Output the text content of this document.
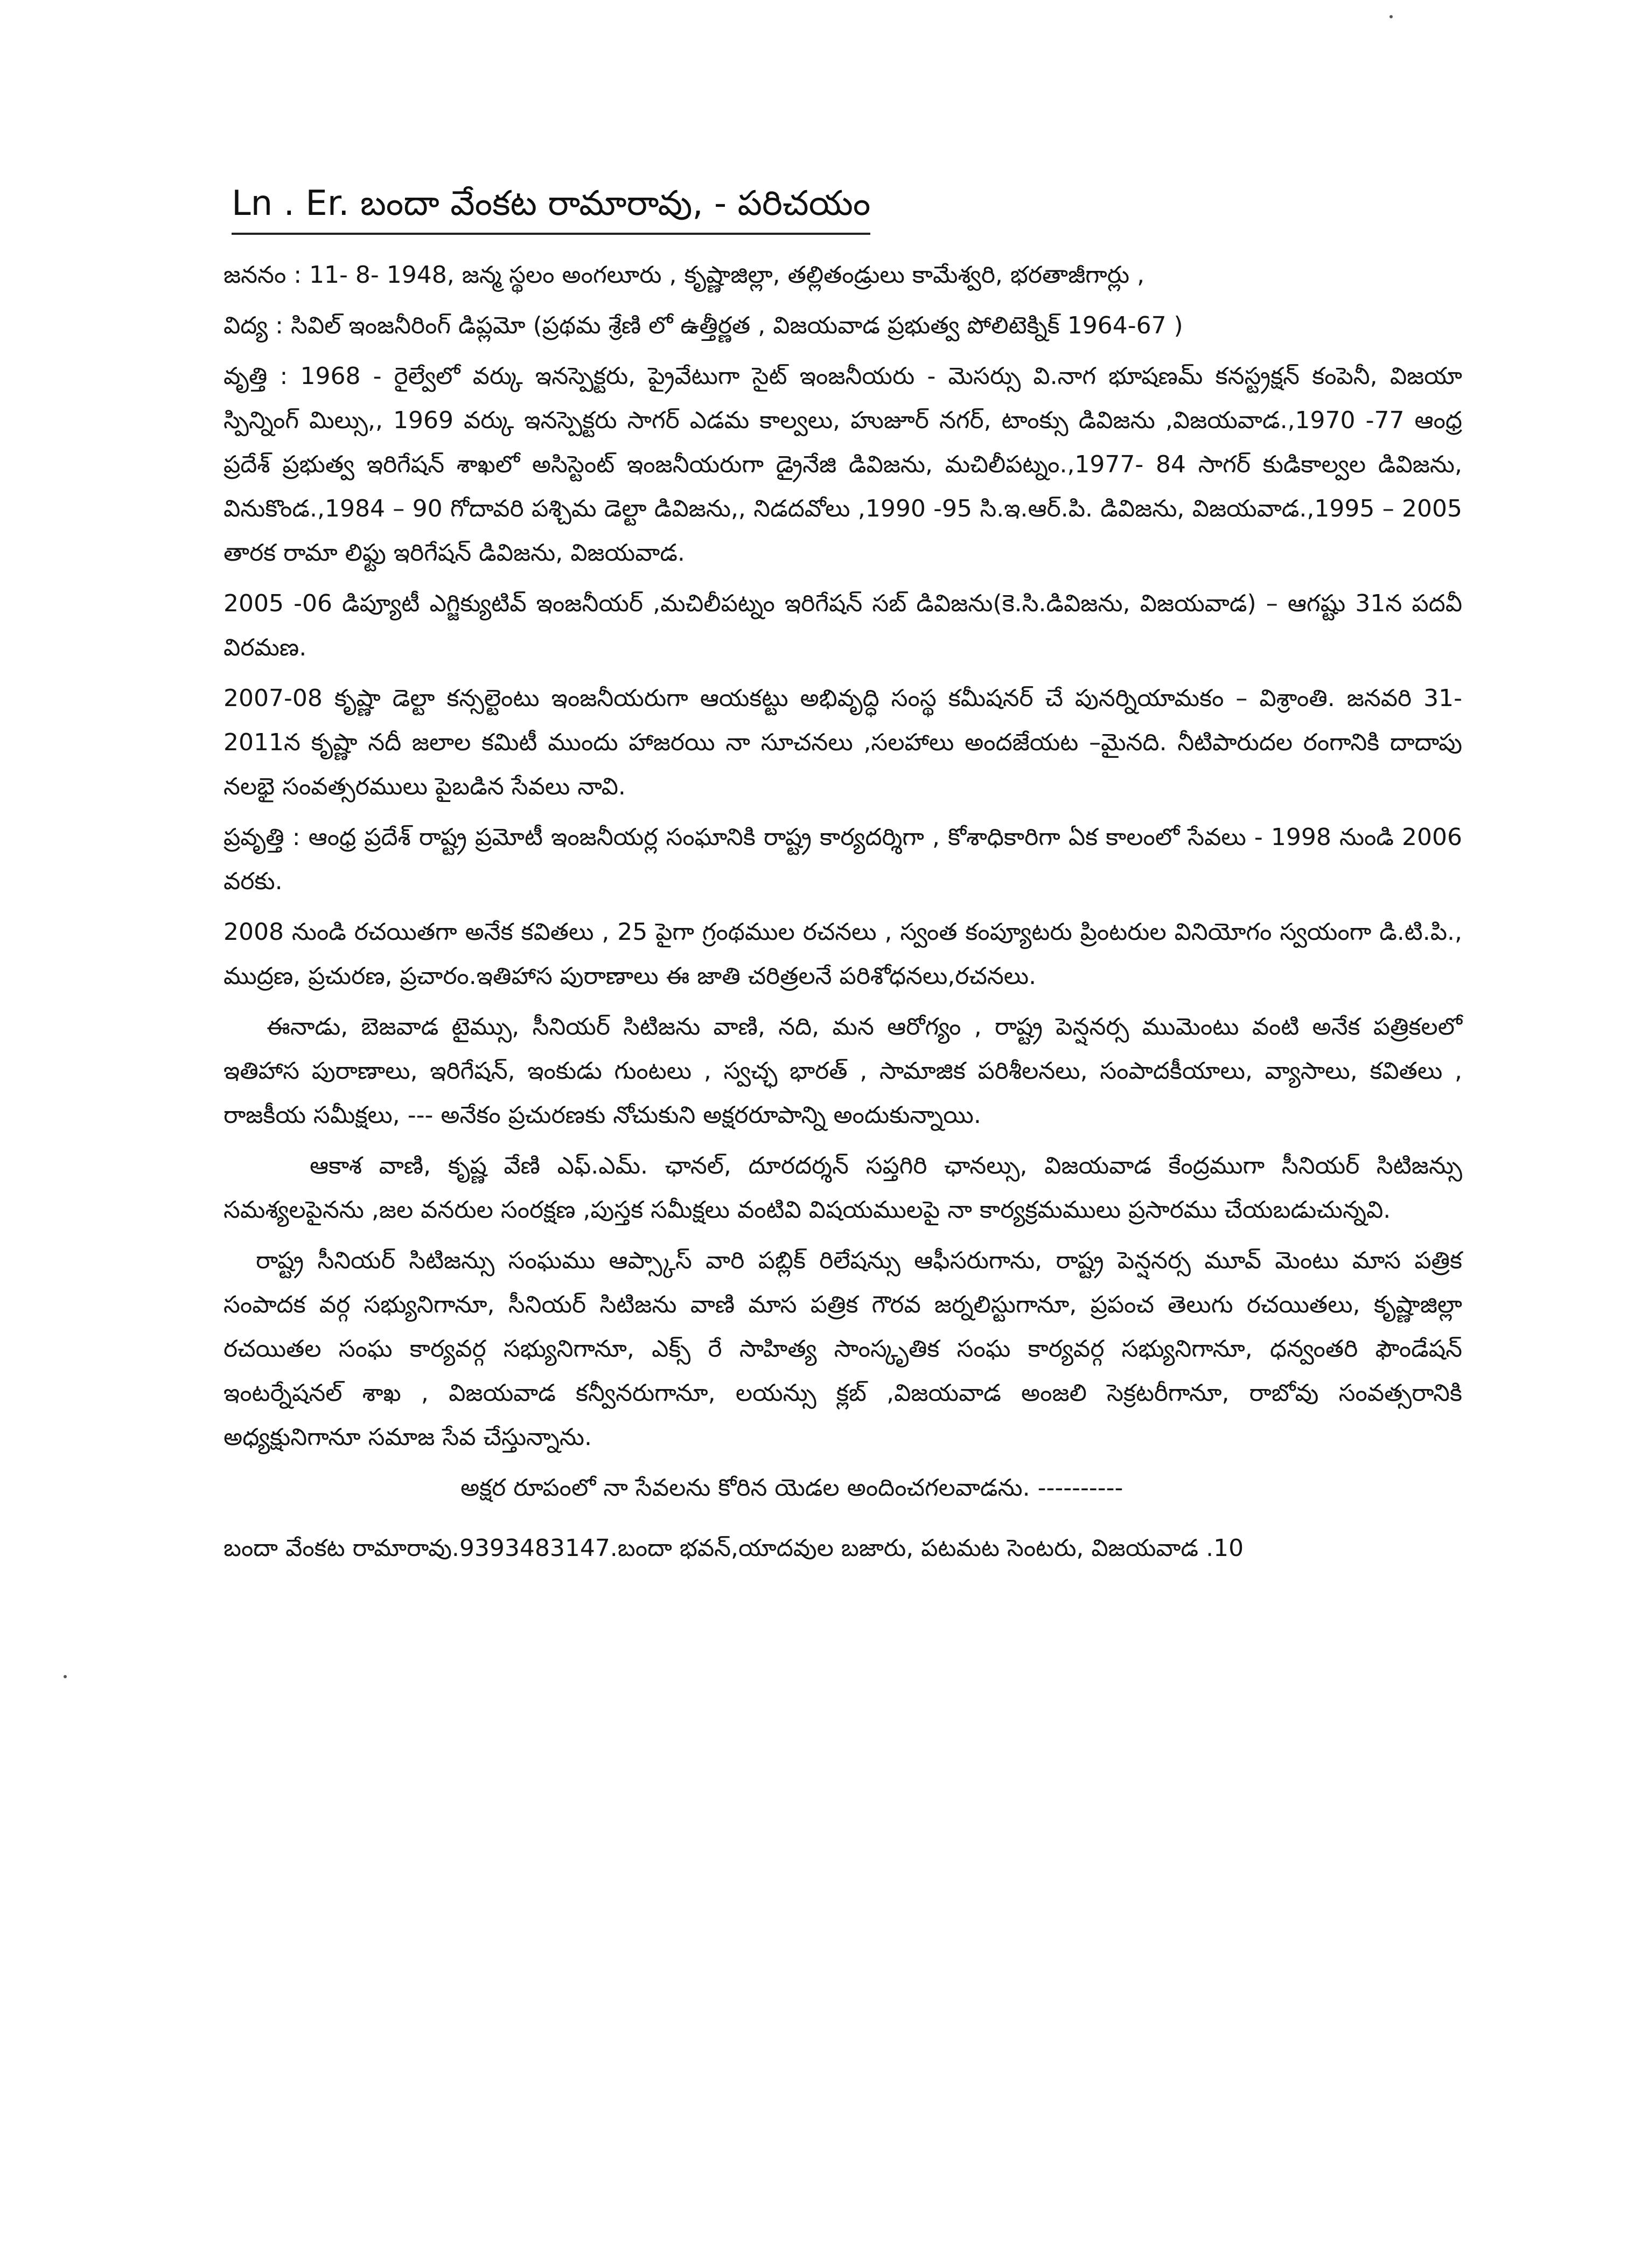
Ln . Er. బందా వేంకట రామారావు, - పరిచయం

జననం : 11- 8- 1948, జన్మ స్థలం అంగలూరు , కృష్ణాజిల్లా, తల్లితండ్రులు కామేశ్వరి, భరతాజీగార్లు ,

విద్య : సివిల్ ఇంజనీరింగ్ డిప్లమో (ప్రథమ శ్రేణి లో ఉత్తీర్ణత , విజయవాడ ప్రభుత్వ పోలిటెక్నిక్ 1964-67 )

వృత్తి : 1968 - రైల్వేలో వర్కు ఇనస్పెక్టరు, ప్రైవేటుగా సైట్ ఇంజనీయరు - మెసర్సు వి.నాగ భూషణమ్ కనస్ట్రక్షన్ కంపెనీ, విజయా స్పిన్నింగ్ మిల్సు,, 1969 వర్కు ఇనస్పెక్టరు సాగర్ ఎడమ కాల్వలు, హుజూర్ నగర్, టాంక్సు డివిజను ,విజయవాడ.,1970 -77 ఆంధ్ర ప్రదేశ్ ప్రభుత్వ ఇరిగేషన్ శాఖలో అసిస్టెంట్ ఇంజనీయరుగా డ్రైనేజి డివిజను, మచిలీపట్నం.,1977- 84 సాగర్ కుడికాల్వల డివిజను, వినుకొండ.,1984 – 90 గోదావరి పశ్చిమ డెల్టా డివిజను,, నిడదవోలు ,1990 -95 సి.ఇ.ఆర్.పి. డివిజను, విజయవాడ.,1995 – 2005 తారక రామా లిఫ్టు ఇరిగేషన్ డివిజను, విజయవాడ.

2005 -06 డిప్యూటీ ఎగ్జిక్యుటివ్ ఇంజనీయర్ ,మచిలీపట్నం ఇరిగేషన్ సబ్ డివిజను(కె.సి.డివిజను, విజయవాడ) – ఆగష్టు 31న పదవీ విరమణ.

2007-08 కృష్ణా డెల్టా కన్సల్టెంటు ఇంజనీయరుగా ఆయకట్టు అభివృద్ధి సంస్థ కమీషనర్ చే పునర్నియామకం – విశ్రాంతి. జనవరి 31- 2011న కృష్ణా నదీ జలాల కమిటీ ముందు హాజరయి నా సూచనలు ,సలహాలు అందజేయట –మైనది. నీటిపారుదల రంగానికి దాదాపు నలభై సంవత్సరములు పైబడిన సేవలు నావి.

ప్రవృత్తి : ఆంధ్ర ప్రదేశ్ రాష్ట్ర ప్రమోటీ ఇంజనీయర్ల సంఘానికి రాష్ట్ర కార్యదర్శిగా , కోశాధికారిగా ఏక కాలంలో సేవలు - 1998 నుండి 2006 వరకు.

2008 నుండి రచయితగా అనేక కవితలు , 25 పైగా గ్రంథముల రచనలు , స్వంత కంప్యూటరు ప్రింటరుల వినియోగం స్వయంగా డి.టి.పి., ముద్రణ, ప్రచురణ, ప్రచారం.ఇతిహాస పురాణాలు ఈ జాతి చరిత్రలనే పరిశోధనలు,రచనలు.

ఈనాడు, బెజవాడ టైమ్సు, సీనియర్ సిటిజను వాణి, నది, మన ఆరోగ్యం , రాష్ట్ర పెన్షనర్స ముమెంటు వంటి అనేక పత్రికలలో ఇతిహాస పురాణాలు, ఇరిగేషన్, ఇంకుడు గుంటలు , స్వచ్ఛ భారత్ , సామాజిక పరిశీలనలు, సంపాదకీయాలు, వ్యాసాలు, కవితలు , రాజకీయ సమీక్షలు, --- అనేకం ప్రచురణకు నోచుకుని అక్షరరూపాన్ని అందుకున్నాయి.

ఆకాశ వాణి, కృష్ణ వేణి ఎఫ్.ఎమ్. ఛానల్, దూరదర్శన్ సప్తగిరి ఛానల్సు, విజయవాడ కేంద్రముగా సీనియర్ సిటిజన్సు సమశ్యలపైనను ,జల వనరుల సంరక్షణ ,పుస్తక సమీక్షలు వంటివి విషయములపై నా కార్యక్రమములు ప్రసారము చేయబడుచున్నవి.

రాష్ట్ర సీనియర్ సిటిజన్సు సంఘము ఆప్స్కాస్ వారి పబ్లిక్ రిలేషన్సు ఆఫీసరుగాను, రాష్ట్ర పెన్షనర్స మూవ్ మెంటు మాస పత్రిక సంపాదక వర్గ సభ్యునిగానూ, సీనియర్ సిటిజను వాణి మాస పత్రిక గౌరవ జర్నలిస్టుగానూ, ప్రపంచ తెలుగు రచయితలు, కృష్ణాజిల్లా రచయితల సంఘ కార్యవర్గ సభ్యునిగానూ, ఎక్స్ రే సాహిత్య సాంస్కృతిక సంఘ కార్యవర్గ సభ్యునిగానూ, ధన్వంతరి ఫౌండేషన్ ఇంటర్నేషనల్ శాఖ , విజయవాడ కన్వీనరుగానూ, లయన్సు క్లబ్ ,విజయవాడ అంజలి సెక్రటరీగానూ, రాబోవు సంవత్సరానికి అధ్యక్షునిగానూ సమాజ సేవ చేస్తున్నాను.

అక్షర రూపంలో నా సేవలను కోరిన యెడల అందించగలవాడను. ----------

బందా వేంకట రామారావు.9393483147.బందా భవన్,యాదవుల బజారు, పటమట సెంటరు, విజయవాడ .10
